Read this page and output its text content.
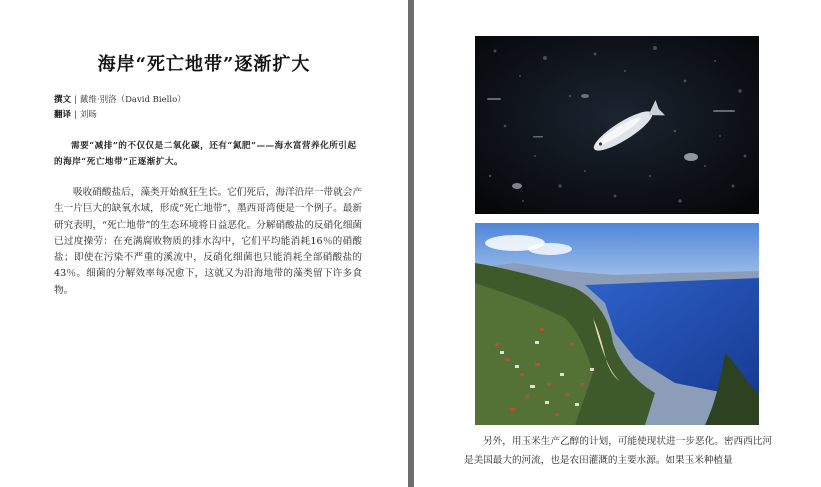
海岸“死亡地带”逐渐扩大
撰文 | 戴维·别洛（David Biello）
翻译 | 刘旸

需要“减排”的不仅仅是二氧化碳，还有“氮肥”——海水富营养化所引起的海岸“死亡地带”正逐渐扩大。

吸收硝酸盐后，藻类开始疯狂生长。它们死后，海洋沿岸一带就会产生一片巨大的缺氧水域，形成“死亡地带”，墨西哥湾便是一个例子。最新研究表明，“死亡地带”的生态环境将日益恶化。分解硝酸盐的反硝化细菌已过度操劳：在充满腐败物质的排水沟中，它们平均能消耗16％的硝酸盐；即使在污染不严重的溪流中，反硝化细菌也只能消耗全部硝酸盐的43％。细菌的分解效率每况愈下，这就又为沿海地带的藻类留下许多食物。

另外，用玉米生产乙醇的计划，可能使现状进一步恶化。密西西比河是美国最大的河流，也是农田灌溉的主要水源。如果玉米种植量
